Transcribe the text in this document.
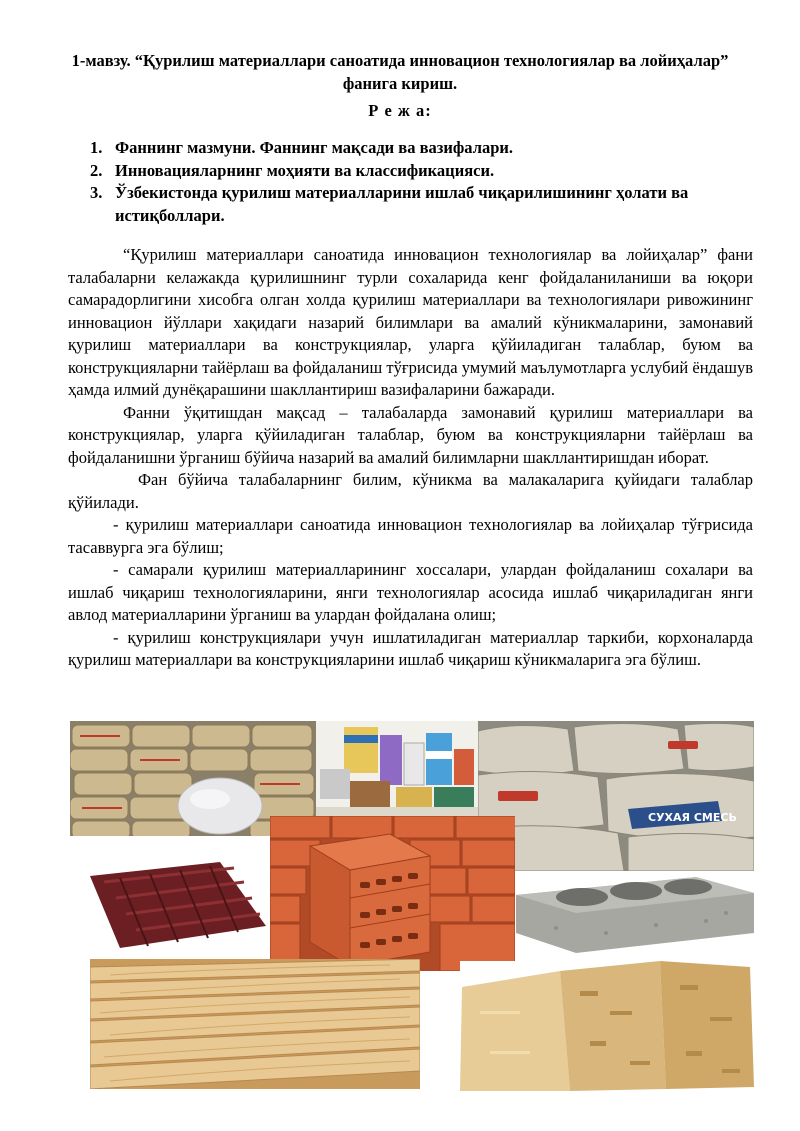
1-мавзу. “Қурилиш материаллари саноатида инновацион технологиялар ва лойиҳалар” фанига кириш.
Р е ж а:
1. Фаннинг мазмуни. Фаннинг мақсади ва вазифалари.
2. Инновацияларнинг моҳияти ва классификацияси.
3. Ўзбекистонда қурилиш материалларини ишлаб чиқарилишининг ҳолати ва истиқболлари.

“Қурилиш материаллари саноатида инновацион технологиялар ва лойиҳалар” фани талабаларни келажакда қурилишнинг турли сохаларида кенг фойдаланиланиши ва юқори самарадорлигини хисобга олган холда қурилиш материаллари ва технологиялари ривожининг инновацион йўллари хақидаги назарий билимлари ва амалий кўникмаларини, замонавий қурилиш материаллари ва конструкциялар, уларга қўйиладиган талаблар, буюм ва конструкцияларни тайёрлаш ва фойдаланиш тўғрисида умумий маълумотларга услубий ёндашув ҳамда илмий дунёқарашини шакллантириш вазифаларини бажаради.

Фанни ўқитишдан мақсад – талабаларда замонавий қурилиш материаллари ва конструкциялар, уларга қўйиладиган талаблар, буюм ва конструкцияларни тайёрлаш ва фойдаланишни ўрганиш бўйича назарий ва амалий билимларни шакллантиришдан иборат.

Фан бўйича талабаларнинг билим, кўникма ва малакаларига қуйидаги талаблар қўйилади.

- қурилиш материаллари саноатида инновацион технологиялар ва лойиҳалар тўғрисида тасаввурга эга бўлиш;

- самарали қурилиш материалларининг хоссалари, улардан фойдаланиш сохалари ва ишлаб чиқариш технологияларини, янги технологиялар асосида ишлаб чиқариладиган янги авлод материалларини ўрганиш ва улардан фойдалана олиш;

- қурилиш конструкциялари учун ишлатиладиган материаллар таркиби, корхоналарда қурилиш материаллари ва конструкцияларини ишлаб чиқариш кўникмаларига эга бўлиш.

СУХАЯ СМЕСЬ
